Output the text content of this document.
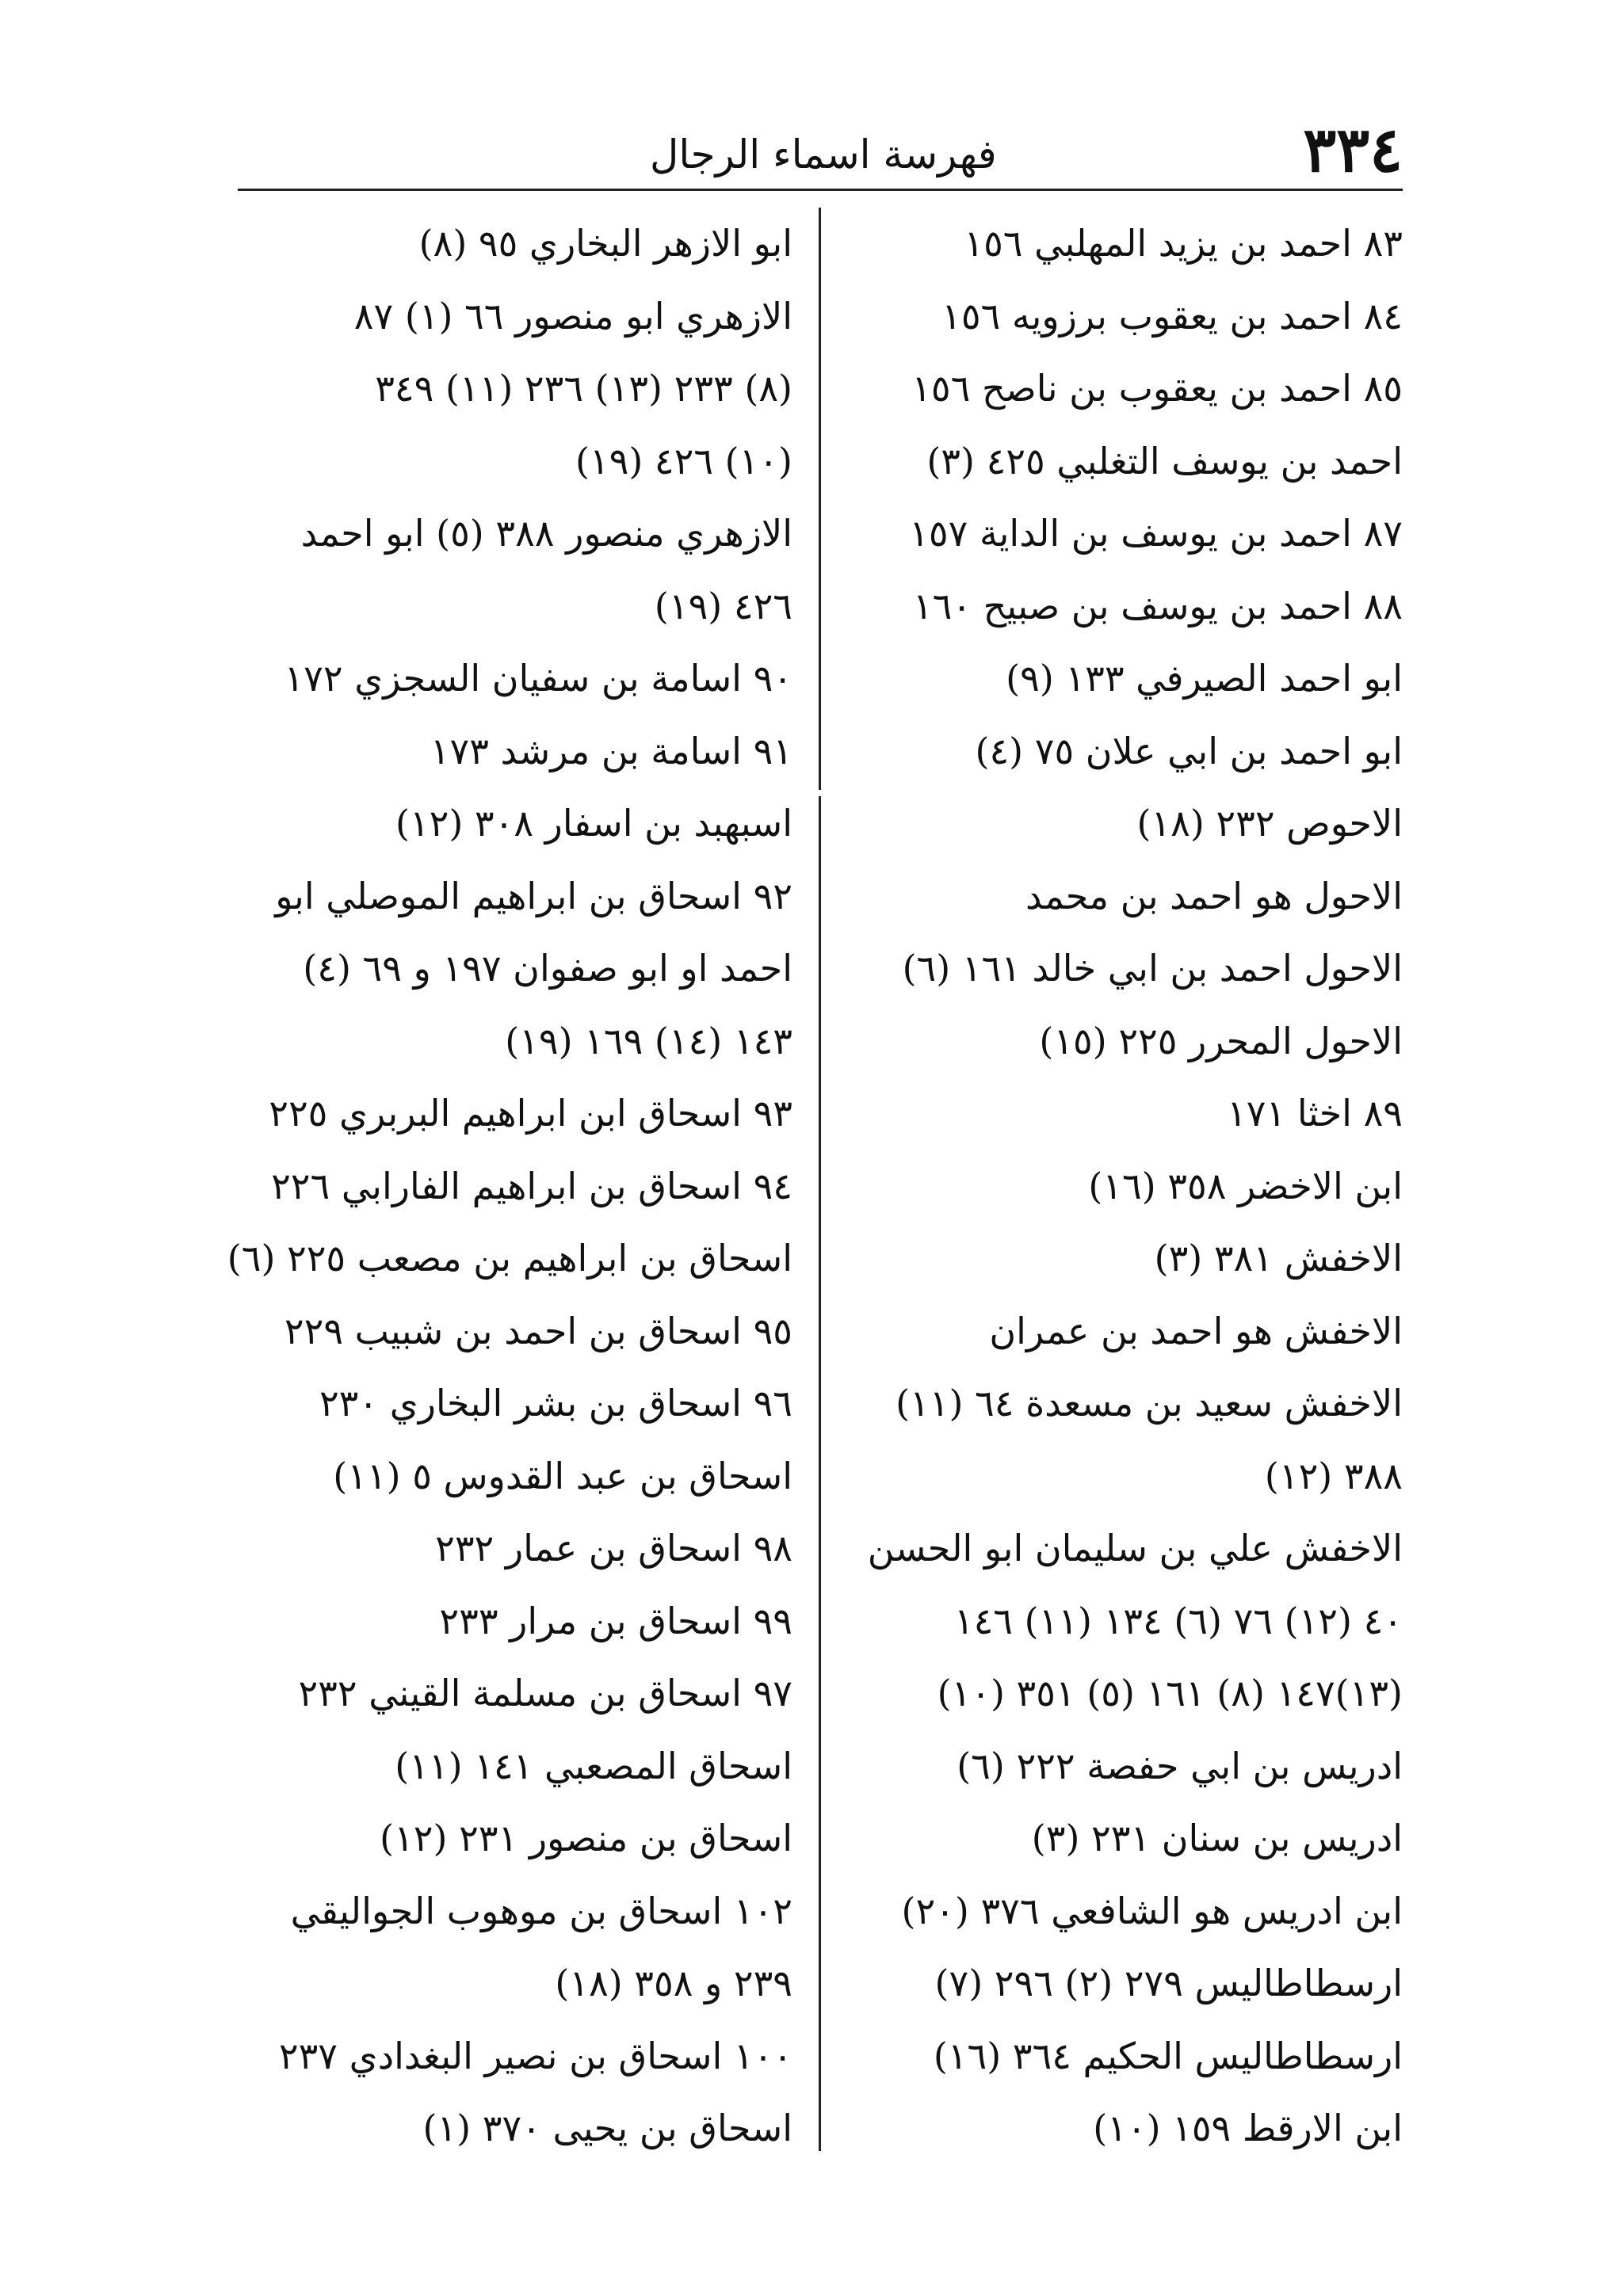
٣٣٤
فهرسة اسماء الرجال
٨٣ احمد بن يزيد المهلبي ١٥٦
٨٤ احمد بن يعقوب برزويه ١٥٦
٨٥ احمد بن يعقوب بن ناصح ١٥٦
احمد بن يوسف التغلبي ٤٢٥ (٣)
٨٧ احمد بن يوسف بن الداية ١٥٧
٨٨ احمد بن يوسف بن صبيح ١٦٠
ابو احمد الصيرفي ١٣٣ (٩)
ابو احمد بن ابي علان ٧٥ (٤)
الاحوص ٢٣٢ (١٨)
الاحول هو احمد بن محمد
الاحول احمد بن ابي خالد ١٦١ (٦)
الاحول المحرر ٢٢٥ (١٥)
٨٩ اخثا ١٧١
ابن الاخضر ٣٥٨ (١٦)
الاخفش ٣٨١ (٣)
الاخفش هو احمد بن عمران
الاخفش سعيد بن مسعدة ٦٤ (١١)
٣٨٨ (١٢)
الاخفش علي بن سليمان ابو الحسن
٤٠ (١٢) ٧٦ (٦) ١٣٤ (١١) ١٤٦
(١٣)١٤٧ (٨) ١٦١ (٥) ٣٥١ (١٠)
ادريس بن ابي حفصة ٢٢٢ (٦)
ادريس بن سنان ٢٣١ (٣)
ابن ادريس هو الشافعي ٣٧٦ (٢٠)
ارسطاطاليس ٢٧٩ (٢) ٢٩٦ (٧)
ارسطاطاليس الحكيم ٣٦٤ (١٦)
ابن الارقط ١٥٩ (١٠)
ابو الازهر البخاري ٩٥ (٨)
الازهري ابو منصور ٦٦ (١) ٨٧
(٨) ٢٣٣ (١٣) ٢٣٦ (١١) ٣٤٩
(١٠) ٤٢٦ (١٩)
الازهري منصور ٣٨٨ (٥) ابو احمد
٤٢٦ (١٩)
٩٠ اسامة بن سفيان السجزي ١٧٢
٩١ اسامة بن مرشد ١٧٣
اسبهبد بن اسفار ٣٠٨ (١٢)
٩٢ اسحاق بن ابراهيم الموصلي ابو
احمد او ابو صفوان ١٩٧ و ٦٩ (٤)
١٤٣ (١٤) ١٦٩ (١٩)
٩٣ اسحاق ابن ابراهيم البربري ٢٢٥
٩٤ اسحاق بن ابراهيم الفارابي ٢٢٦
اسحاق بن ابراهيم بن مصعب ٢٢٥ (٦)
٩٥ اسحاق بن احمد بن شبيب ٢٢٩
٩٦ اسحاق بن بشر البخاري ٢٣٠
اسحاق بن عبد القدوس ٥ (١١)
٩٨ اسحاق بن عمار ٢٣٢
٩٩ اسحاق بن مرار ٢٣٣
٩٧ اسحاق بن مسلمة القيني ٢٣٢
اسحاق المصعبي ١٤١ (١١)
اسحاق بن منصور ٢٣١ (١٢)
١٠٢ اسحاق بن موهوب الجواليقي
٢٣٩ و ٣٥٨ (١٨)
١٠٠ اسحاق بن نصير البغدادي ٢٣٧
اسحاق بن يحيى ٣٧٠ (١)
